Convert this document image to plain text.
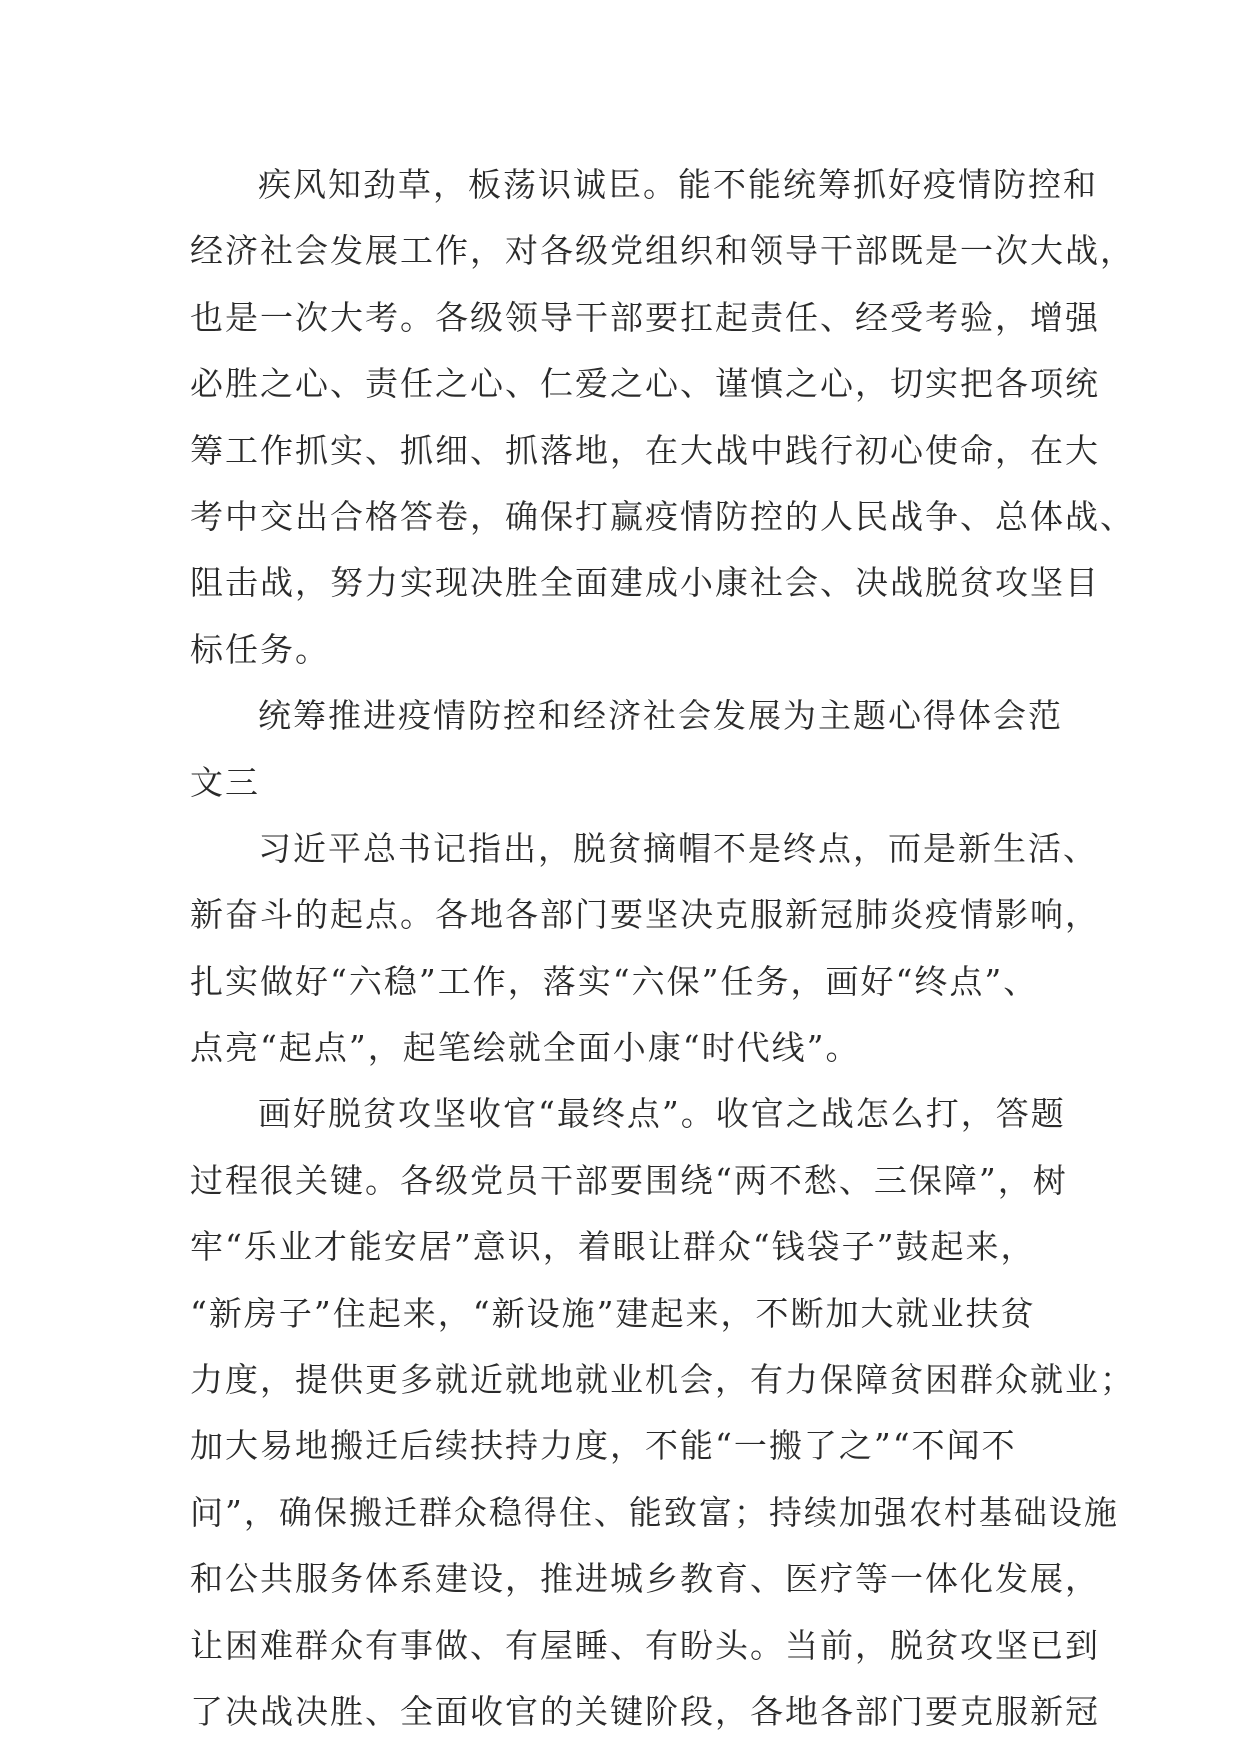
疾风知劲草，板荡识诚臣。能不能统筹抓好疫情防控和
经济社会发展工作，对各级党组织和领导干部既是一次大战，
也是一次大考。各级领导干部要扛起责任、经受考验，增强
必胜之心、责任之心、仁爱之心、谨慎之心，切实把各项统
筹工作抓实、抓细、抓落地，在大战中践行初心使命，在大
考中交出合格答卷，确保打赢疫情防控的人民战争、总体战、
阻击战，努力实现决胜全面建成小康社会、决战脱贫攻坚目
标任务。
统筹推进疫情防控和经济社会发展为主题心得体会范
文三
习近平总书记指出，脱贫摘帽不是终点，而是新生活、
新奋斗的起点。各地各部门要坚决克服新冠肺炎疫情影响，
扎实做好“六稳”工作，落实“六保”任务，画好“终点”、
点亮“起点”，起笔绘就全面小康“时代线”。
画好脱贫攻坚收官“最终点”。收官之战怎么打，答题
过程很关键。各级党员干部要围绕“两不愁、三保障”，树
牢“乐业才能安居”意识，着眼让群众“钱袋子”鼓起来，
“新房子”住起来，“新设施”建起来，不断加大就业扶贫
力度，提供更多就近就地就业机会，有力保障贫困群众就业；
加大易地搬迁后续扶持力度，不能“一搬了之”“不闻不
问”，确保搬迁群众稳得住、能致富；持续加强农村基础设施
和公共服务体系建设，推进城乡教育、医疗等一体化发展，
让困难群众有事做、有屋睡、有盼头。当前，脱贫攻坚已到
了决战决胜、全面收官的关键阶段，各地各部门要克服新冠
